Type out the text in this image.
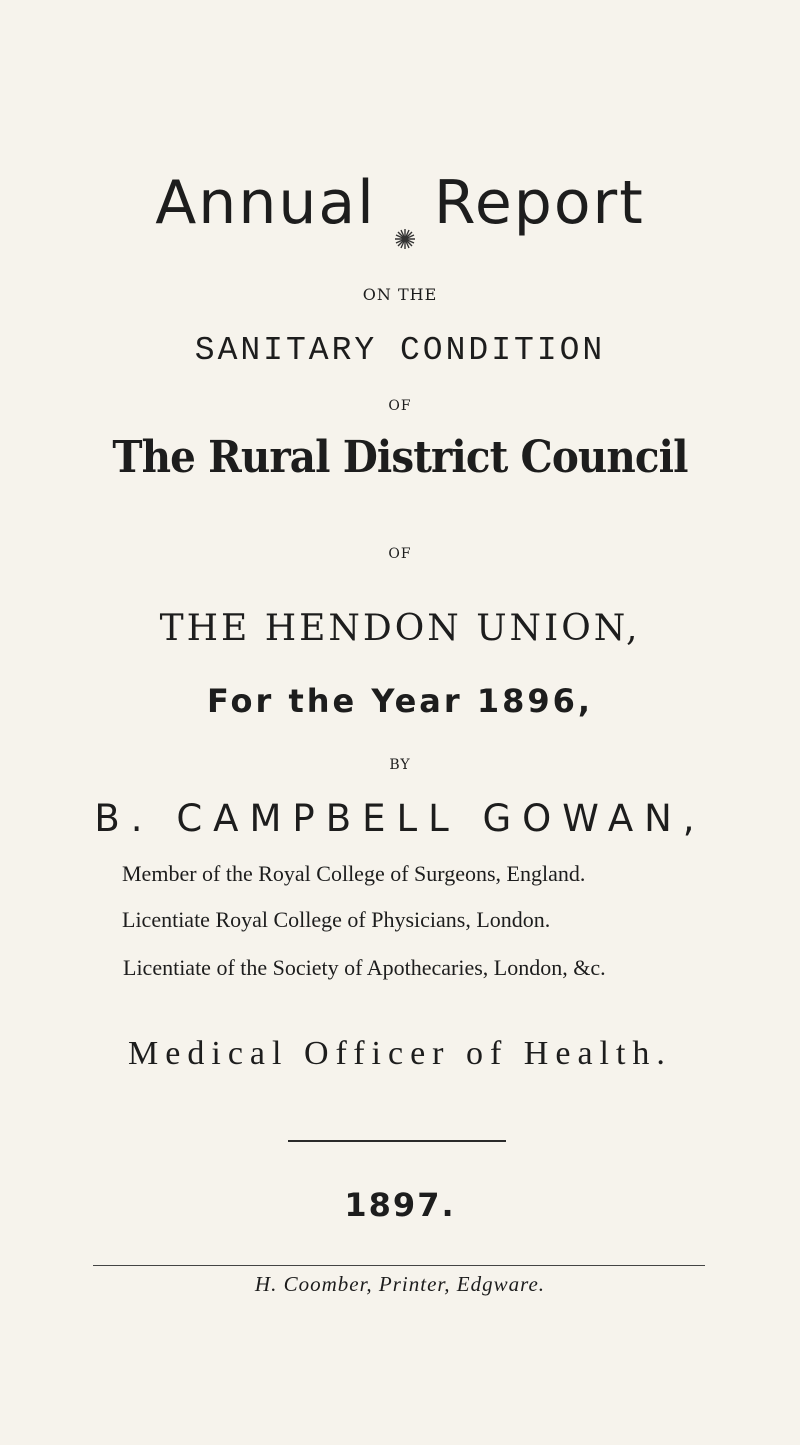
Annual Report
ON THE
SANITARY CONDITION
OF
The Rural District Council
OF
THE HENDON UNION,
For the Year 1896,
BY
B. CAMPBELL GOWAN,
Member of the Royal College of Surgeons, England.
Licentiate Royal College of Physicians, London.
Licentiate of the Society of Apothecaries, London, &c.
Medical Officer of Health.
1897.
H. Coomber, Printer, Edgware.
